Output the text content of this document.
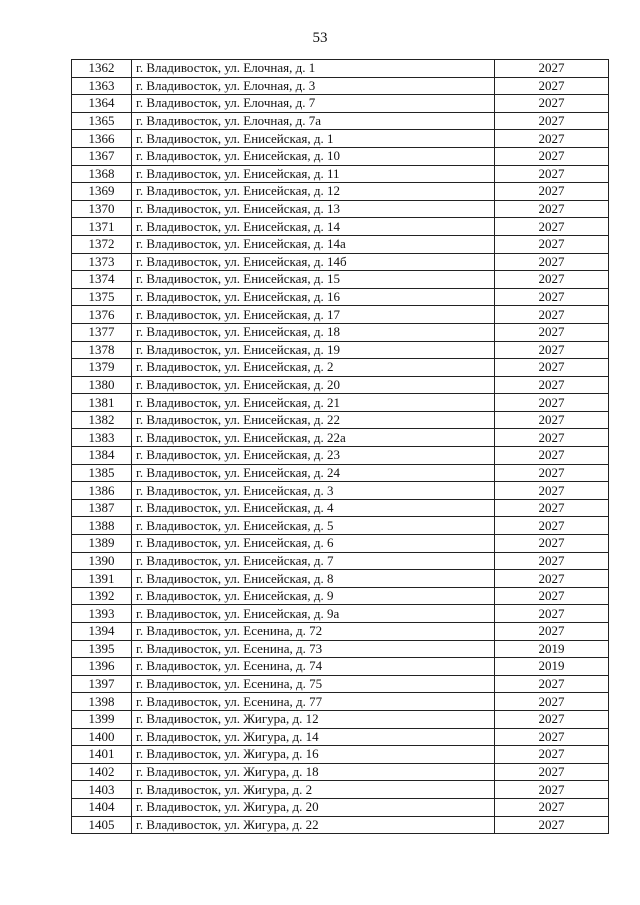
53
1362	г. Владивосток, ул. Елочная, д. 1	2027
1363	г. Владивосток, ул. Елочная, д. 3	2027
1364	г. Владивосток, ул. Елочная, д. 7	2027
1365	г. Владивосток, ул. Елочная, д. 7а	2027
1366	г. Владивосток, ул. Енисейская, д. 1	2027
1367	г. Владивосток, ул. Енисейская, д. 10	2027
1368	г. Владивосток, ул. Енисейская, д. 11	2027
1369	г. Владивосток, ул. Енисейская, д. 12	2027
1370	г. Владивосток, ул. Енисейская, д. 13	2027
1371	г. Владивосток, ул. Енисейская, д. 14	2027
1372	г. Владивосток, ул. Енисейская, д. 14а	2027
1373	г. Владивосток, ул. Енисейская, д. 14б	2027
1374	г. Владивосток, ул. Енисейская, д. 15	2027
1375	г. Владивосток, ул. Енисейская, д. 16	2027
1376	г. Владивосток, ул. Енисейская, д. 17	2027
1377	г. Владивосток, ул. Енисейская, д. 18	2027
1378	г. Владивосток, ул. Енисейская, д. 19	2027
1379	г. Владивосток, ул. Енисейская, д. 2	2027
1380	г. Владивосток, ул. Енисейская, д. 20	2027
1381	г. Владивосток, ул. Енисейская, д. 21	2027
1382	г. Владивосток, ул. Енисейская, д. 22	2027
1383	г. Владивосток, ул. Енисейская, д. 22а	2027
1384	г. Владивосток, ул. Енисейская, д. 23	2027
1385	г. Владивосток, ул. Енисейская, д. 24	2027
1386	г. Владивосток, ул. Енисейская, д. 3	2027
1387	г. Владивосток, ул. Енисейская, д. 4	2027
1388	г. Владивосток, ул. Енисейская, д. 5	2027
1389	г. Владивосток, ул. Енисейская, д. 6	2027
1390	г. Владивосток, ул. Енисейская, д. 7	2027
1391	г. Владивосток, ул. Енисейская, д. 8	2027
1392	г. Владивосток, ул. Енисейская, д. 9	2027
1393	г. Владивосток, ул. Енисейская, д. 9а	2027
1394	г. Владивосток, ул. Есенина, д. 72	2027
1395	г. Владивосток, ул. Есенина, д. 73	2019
1396	г. Владивосток, ул. Есенина, д. 74	2019
1397	г. Владивосток, ул. Есенина, д. 75	2027
1398	г. Владивосток, ул. Есенина, д. 77	2027
1399	г. Владивосток, ул. Жигура, д. 12	2027
1400	г. Владивосток, ул. Жигура, д. 14	2027
1401	г. Владивосток, ул. Жигура, д. 16	2027
1402	г. Владивосток, ул. Жигура, д. 18	2027
1403	г. Владивосток, ул. Жигура, д. 2	2027
1404	г. Владивосток, ул. Жигура, д. 20	2027
1405	г. Владивосток, ул. Жигура, д. 22	2027
